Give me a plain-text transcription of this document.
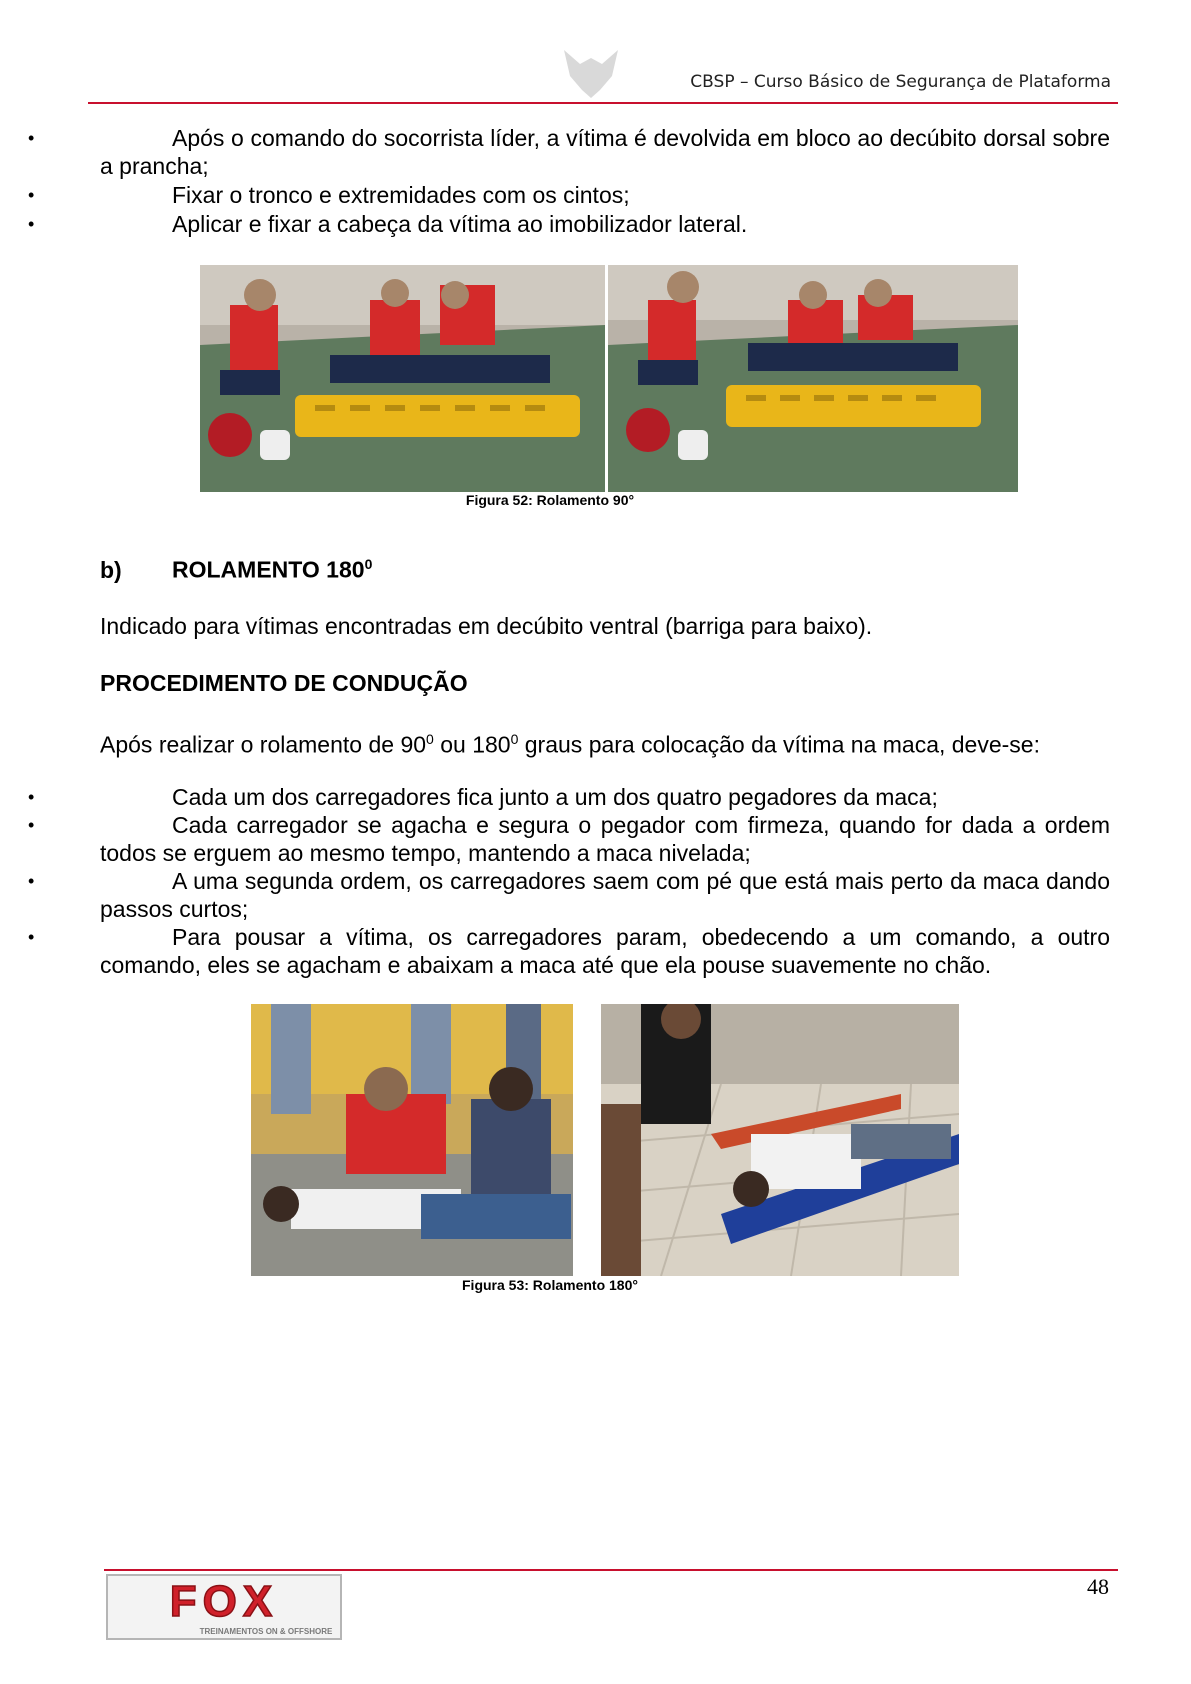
CBSP – Curso Básico de Segurança de Plataforma
• Após o comando do socorrista líder, a vítima é devolvida em bloco ao decúbito dorsal sobre a prancha;
• Fixar o tronco e extremidades com os cintos;
• Aplicar e fixar a cabeça da vítima ao imobilizador lateral.
Figura 52: Rolamento 90°
b) ROLAMENTO $180^0$
Indicado para vítimas encontradas em decúbito ventral (barriga para baixo).
PROCEDIMENTO DE CONDUÇÃO
Após realizar o rolamento de $90^0$ ou $180^0$ graus para colocação da vítima na maca, deve-se:
• Cada um dos carregadores fica junto a um dos quatro pegadores da maca;
• Cada carregador se agacha e segura o pegador com firmeza, quando for dada a ordem todos se erguem ao mesmo tempo, mantendo a maca nivelada;
• A uma segunda ordem, os carregadores saem com pé que está mais perto da maca dando passos curtos;
• Para pousar a vítima, os carregadores param, obedecendo a um comando, a outro comando, eles se agacham e abaixam a maca até que ela pouse suavemente no chão.
Figura 53: Rolamento 180°
48
FOX
TREINAMENTOS ON & OFFSHORE
